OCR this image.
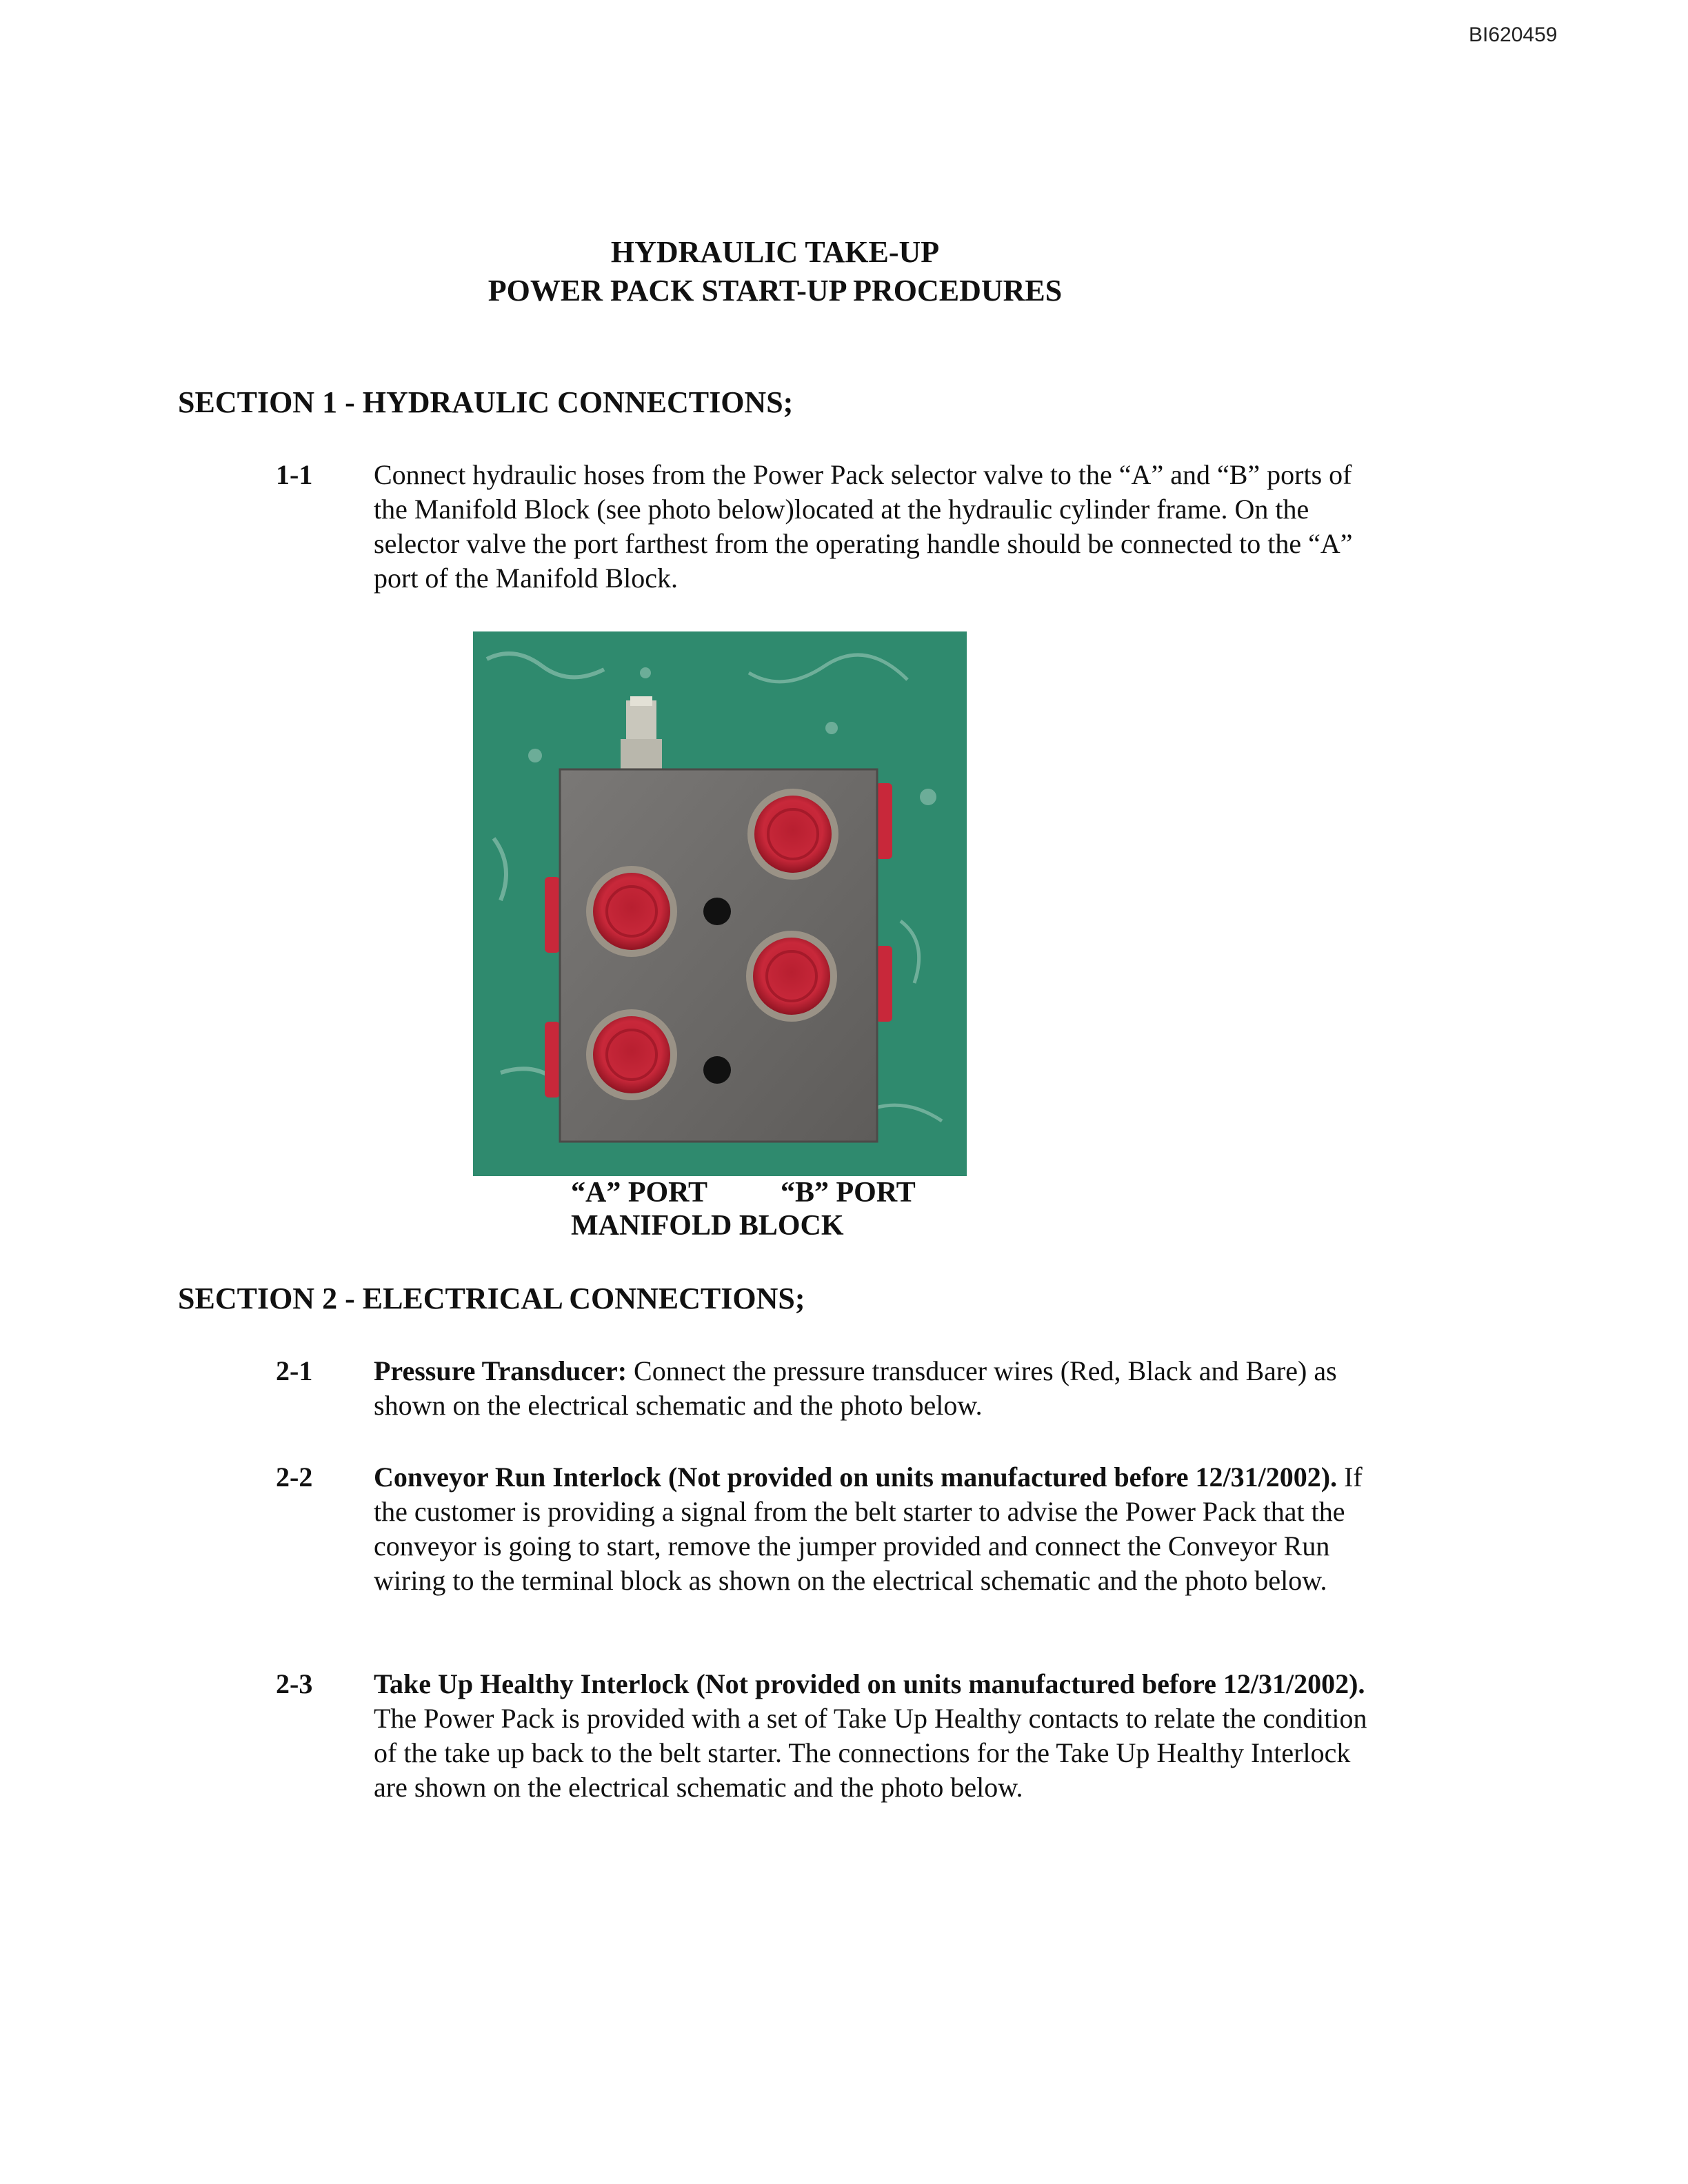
BI620459
HYDRAULIC TAKE-UP
POWER PACK START-UP PROCEDURES
SECTION 1 - HYDRAULIC CONNECTIONS;
1-1	Connect hydraulic hoses from the Power Pack selector valve to the “A” and “B” ports of the Manifold Block (see photo below)located at the hydraulic cylinder frame. On the selector valve the port farthest from the operating handle should be connected to the “A” port of the Manifold Block.
“A” PORT	“B” PORT
MANIFOLD BLOCK
SECTION 2 - ELECTRICAL CONNECTIONS;
2-1	Pressure Transducer: Connect the pressure transducer wires (Red, Black and Bare) as shown on the electrical schematic and the photo below.
2-2	Conveyor Run Interlock (Not provided on units manufactured before 12/31/2002). If the customer is providing a signal from the belt starter to advise the Power Pack that the conveyor is going to start, remove the jumper provided and connect the Conveyor Run wiring to the terminal block as shown on the electrical schematic and the photo below.
2-3	Take Up Healthy Interlock (Not provided on units manufactured before 12/31/2002). The Power Pack is provided with a set of Take Up Healthy contacts to relate the condition of the take up back to the belt starter. The connections for the Take Up Healthy Interlock are shown on the electrical schematic and the photo below.
